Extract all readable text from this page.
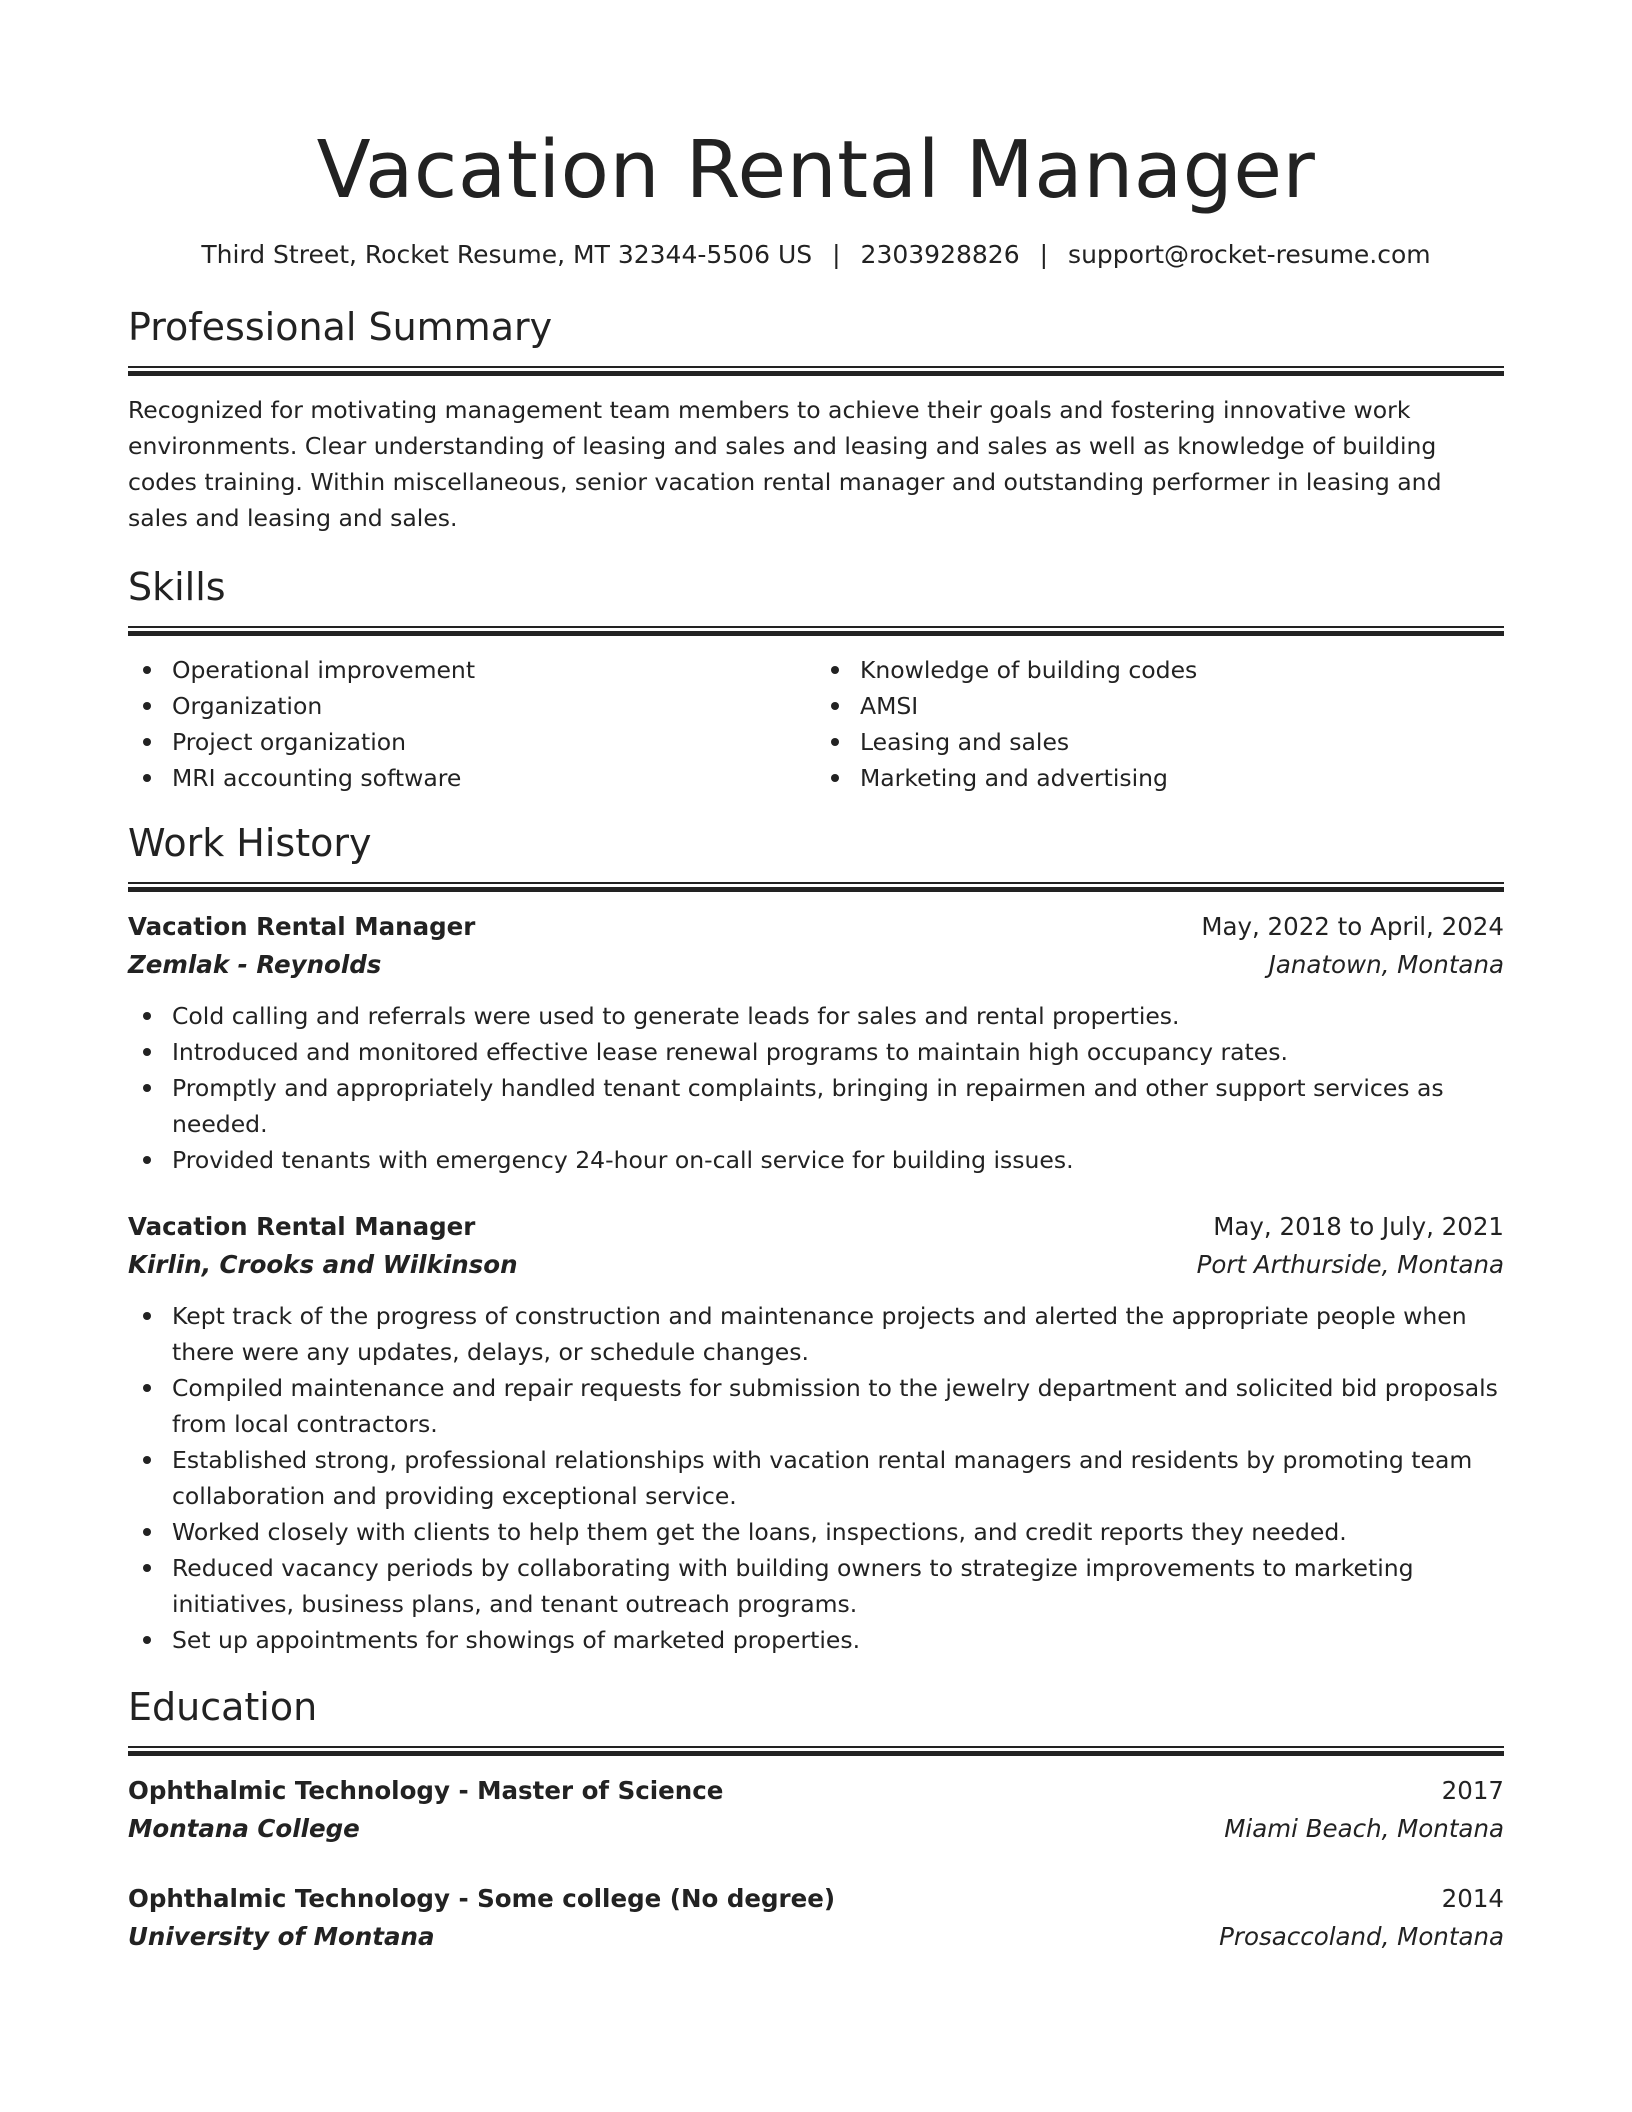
Vacation Rental Manager
Third Street, Rocket Resume, MT 32344-5506 US | 2303928826 | support@rocket-resume.com
Professional Summary

Recognized for motivating management team members to achieve their goals and fostering innovative work environments. Clear understanding of leasing and sales and leasing and sales as well as knowledge of building codes training. Within miscellaneous, senior vacation rental manager and outstanding performer in leasing and sales and leasing and sales.

Skills
Operational improvement
Organization
Project organization
MRI accounting software
Knowledge of building codes
AMSI
Leasing and sales
Marketing and advertising
Work History
Vacation Rental Manager	May, 2022 to April, 2024
Zemlak - Reynolds	Janatown, Montana
Cold calling and referrals were used to generate leads for sales and rental properties.
Introduced and monitored effective lease renewal programs to maintain high occupancy rates.
Promptly and appropriately handled tenant complaints, bringing in repairmen and other support services as needed.
Provided tenants with emergency 24-hour on-call service for building issues.
Vacation Rental Manager	May, 2018 to July, 2021
Kirlin, Crooks and Wilkinson	Port Arthurside, Montana
Kept track of the progress of construction and maintenance projects and alerted the appropriate people when there were any updates, delays, or schedule changes.
Compiled maintenance and repair requests for submission to the jewelry department and solicited bid proposals from local contractors.
Established strong, professional relationships with vacation rental managers and residents by promoting team collaboration and providing exceptional service.
Worked closely with clients to help them get the loans, inspections, and credit reports they needed.
Reduced vacancy periods by collaborating with building owners to strategize improvements to marketing initiatives, business plans, and tenant outreach programs.
Set up appointments for showings of marketed properties.
Education
Ophthalmic Technology - Master of Science	2017
Montana College	Miami Beach, Montana
Ophthalmic Technology - Some college (No degree)	2014
University of Montana	Prosaccoland, Montana
